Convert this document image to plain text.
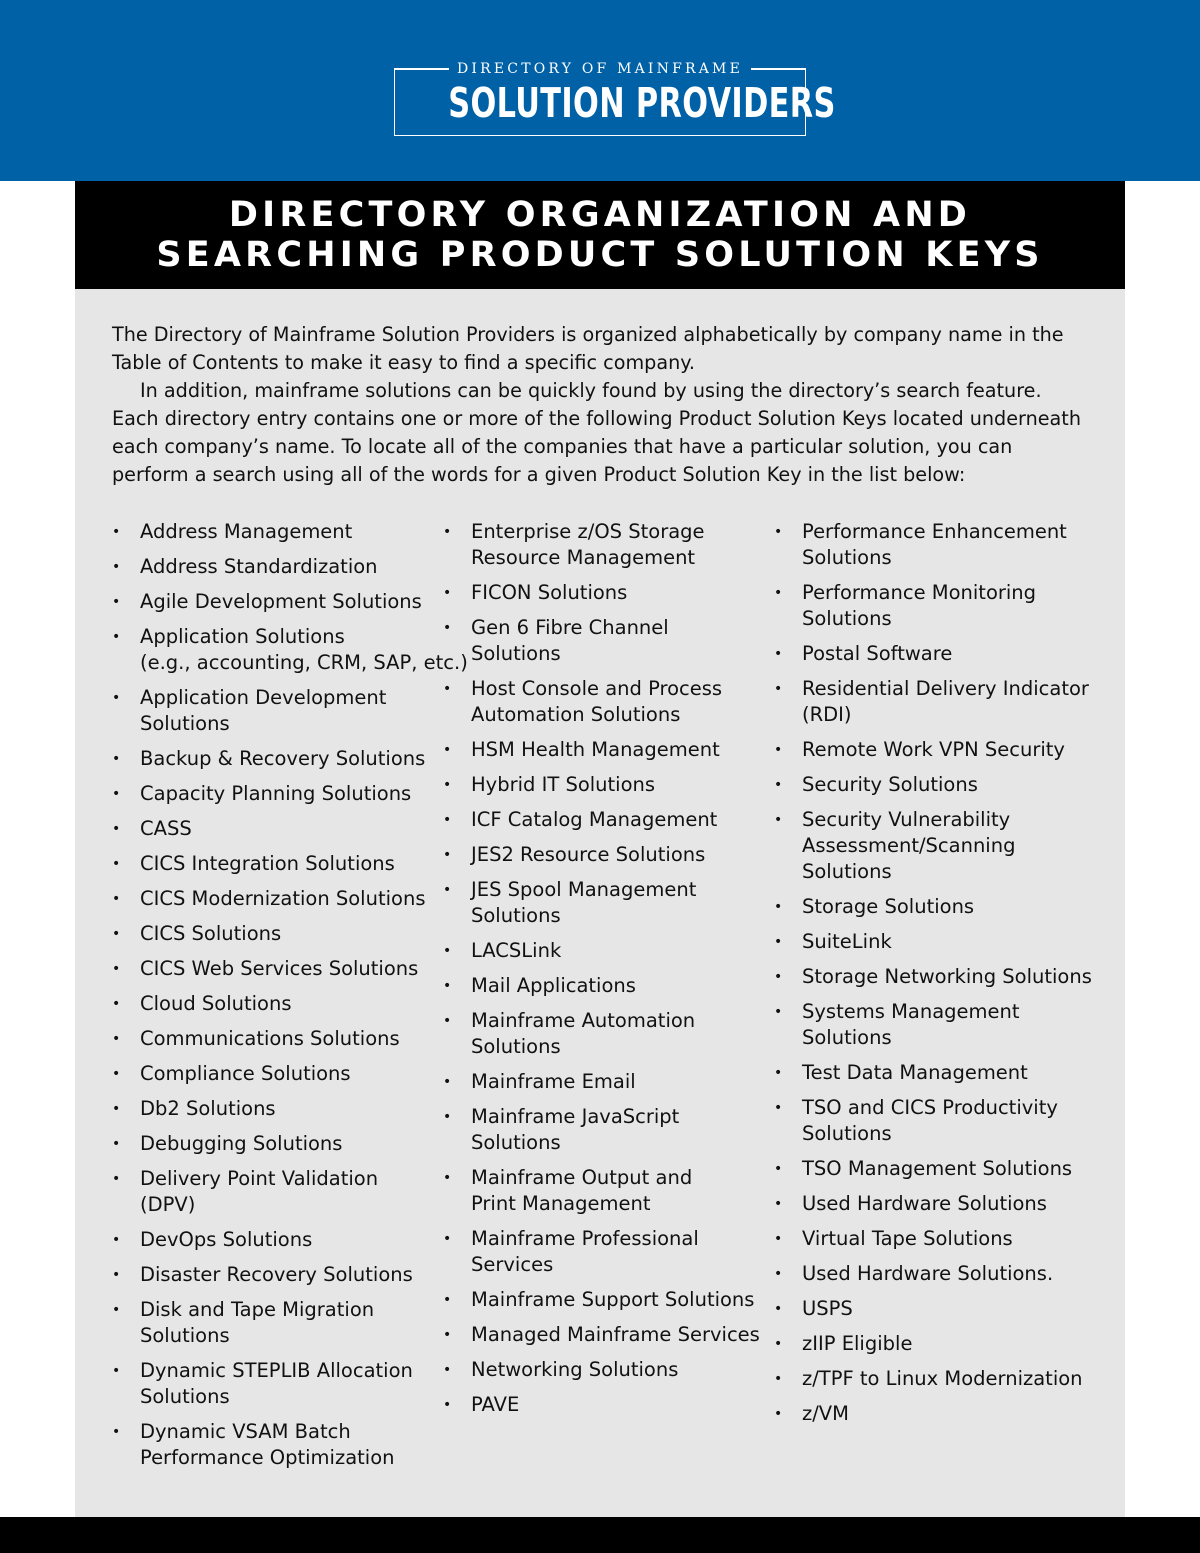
DIRECTORY OF MAINFRAME
SOLUTION PROVIDERS
DIRECTORY ORGANIZATION AND
SEARCHING PRODUCT SOLUTION KEYS

The Directory of Mainframe Solution Providers is organized alphabetically by company name in the Table of Contents to make it easy to find a specific company.

In addition, mainframe solutions can be quickly found by using the directory’s search feature. Each directory entry contains one or more of the following Product Solution Keys located underneath each company’s name. To locate all of the companies that have a particular solution, you can perform a search using all of the words for a given Product Solution Key in the list below:

• Address Management
• Address Standardization
• Agile Development Solutions
• Application Solutions
(e.g., accounting, CRM, SAP, etc.)
• Application Development
Solutions
• Backup & Recovery Solutions
• Capacity Planning Solutions
• CASS
• CICS Integration Solutions
• CICS Modernization Solutions
• CICS Solutions
• CICS Web Services Solutions
• Cloud Solutions
• Communications Solutions
• Compliance Solutions
• Db2 Solutions
• Debugging Solutions
• Delivery Point Validation
(DPV)
• DevOps Solutions
• Disaster Recovery Solutions
• Disk and Tape Migration
Solutions
• Dynamic STEPLIB Allocation
Solutions
• Dynamic VSAM Batch
Performance Optimization
• Enterprise z/OS Storage
Resource Management
• FICON Solutions
• Gen 6 Fibre Channel
Solutions
• Host Console and Process
Automation Solutions
• HSM Health Management
• Hybrid IT Solutions
• ICF Catalog Management
• JES2 Resource Solutions
• JES Spool Management
Solutions
• LACSLink
• Mail Applications
• Mainframe Automation
Solutions
• Mainframe Email
• Mainframe JavaScript
Solutions
• Mainframe Output and
Print Management
• Mainframe Professional
Services
• Mainframe Support Solutions
• Managed Mainframe Services
• Networking Solutions
• PAVE
• Performance Enhancement
Solutions
• Performance Monitoring
Solutions
• Postal Software
• Residential Delivery Indicator
(RDI)
• Remote Work VPN Security
• Security Solutions
• Security Vulnerability
Assessment/Scanning
Solutions
• Storage Solutions
• SuiteLink
• Storage Networking Solutions
• Systems Management
Solutions
• Test Data Management
• TSO and CICS Productivity
Solutions
• TSO Management Solutions
• Used Hardware Solutions
• Virtual Tape Solutions
• Used Hardware Solutions.
• USPS
• zIIP Eligible
• z/TPF to Linux Modernization
• z/VM
